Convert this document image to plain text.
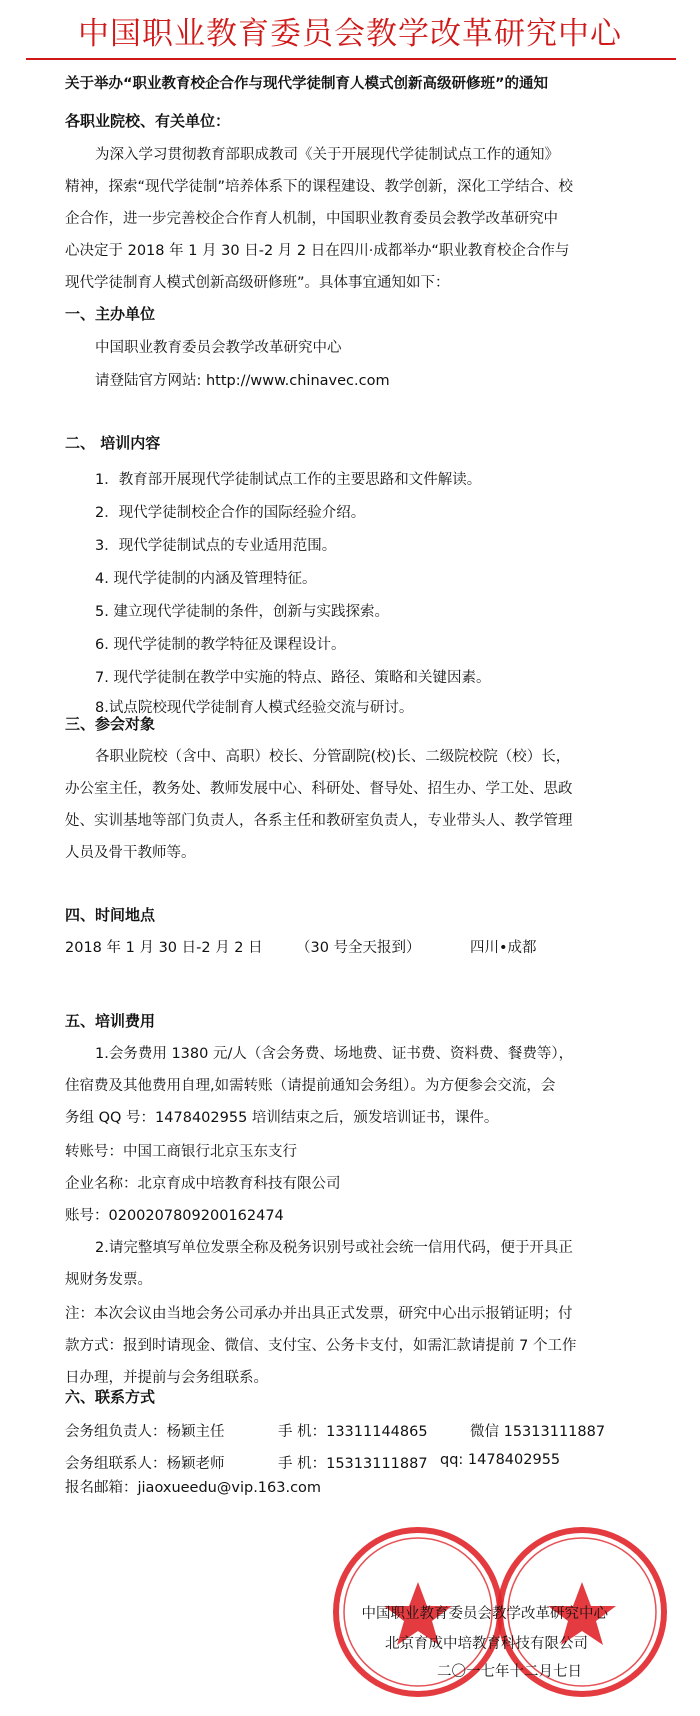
中国职业教育委员会教学改革研究中心
关于举办“职业教育校企合作与现代学徒制育人模式创新高级研修班”的通知
各职业院校、有关单位：
为深入学习贯彻教育部职成教司《关于开展现代学徒制试点工作的通知》
精神，探索“现代学徒制”培养体系下的课程建设、教学创新，深化工学结合、校
企合作，进一步完善校企合作育人机制，中国职业教育委员会教学改革研究中
心决定于 2018 年 1 月 30 日-2 月 2 日在四川·成都举办“职业教育校企合作与
现代学徒制育人模式创新高级研修班”。具体事宜通知如下：
一、主办单位
中国职业教育委员会教学改革研究中心
请登陆官方网站: http://www.chinavec.com
二、 培训内容
1．教育部开展现代学徒制试点工作的主要思路和文件解读。
2．现代学徒制校企合作的国际经验介绍。
3．现代学徒制试点的专业适用范围。
4. 现代学徒制的内涵及管理特征。
5. 建立现代学徒制的条件，创新与实践探索。
6. 现代学徒制的教学特征及课程设计。
7. 现代学徒制在教学中实施的特点、路径、策略和关键因素。
8.试点院校现代学徒制育人模式经验交流与研讨。
三、参会对象
各职业院校（含中、高职）校长、分管副院(校)长、二级院校院（校）长，
办公室主任，教务处、教师发展中心、科研处、督导处、招生办、学工处、思政
处、实训基地等部门负责人，各系主任和教研室负责人，专业带头人、教学管理
人员及骨干教师等。
四、时间地点
2018 年 1 月 30 日-2 月 2 日 （30 号全天报到）	四川•成都
五、培训费用
1.会务费用 1380 元/人（含会务费、场地费、证书费、资料费、餐费等），
住宿费及其他费用自理,如需转账（请提前通知会务组）。为方便参会交流，会
务组 QQ 号：1478402955 培训结束之后，颁发培训证书，课件。
转账号：中国工商银行北京玉东支行
企业名称：北京育成中培教育科技有限公司
账号：0200207809200162474
2.请完整填写单位发票全称及税务识别号或社会统一信用代码，便于开具正
规财务发票。
注：本次会议由当地会务公司承办并出具正式发票，研究中心出示报销证明；付
款方式：报到时请现金、微信、支付宝、公务卡支付，如需汇款请提前 7 个工作
日办理，并提前与会务组联系。
六、联系方式
会务组负责人：杨颖主任	手 机：13311144865	微信 15313111887
会务组联系人：杨颖老师	手 机：15313111887 qq: 1478402955
报名邮箱：jiaoxueedu@vip.163.com
中国职业教育委员会教学改革研究中心
北京育成中培教育科技有限公司
二〇一七年十二月七日
